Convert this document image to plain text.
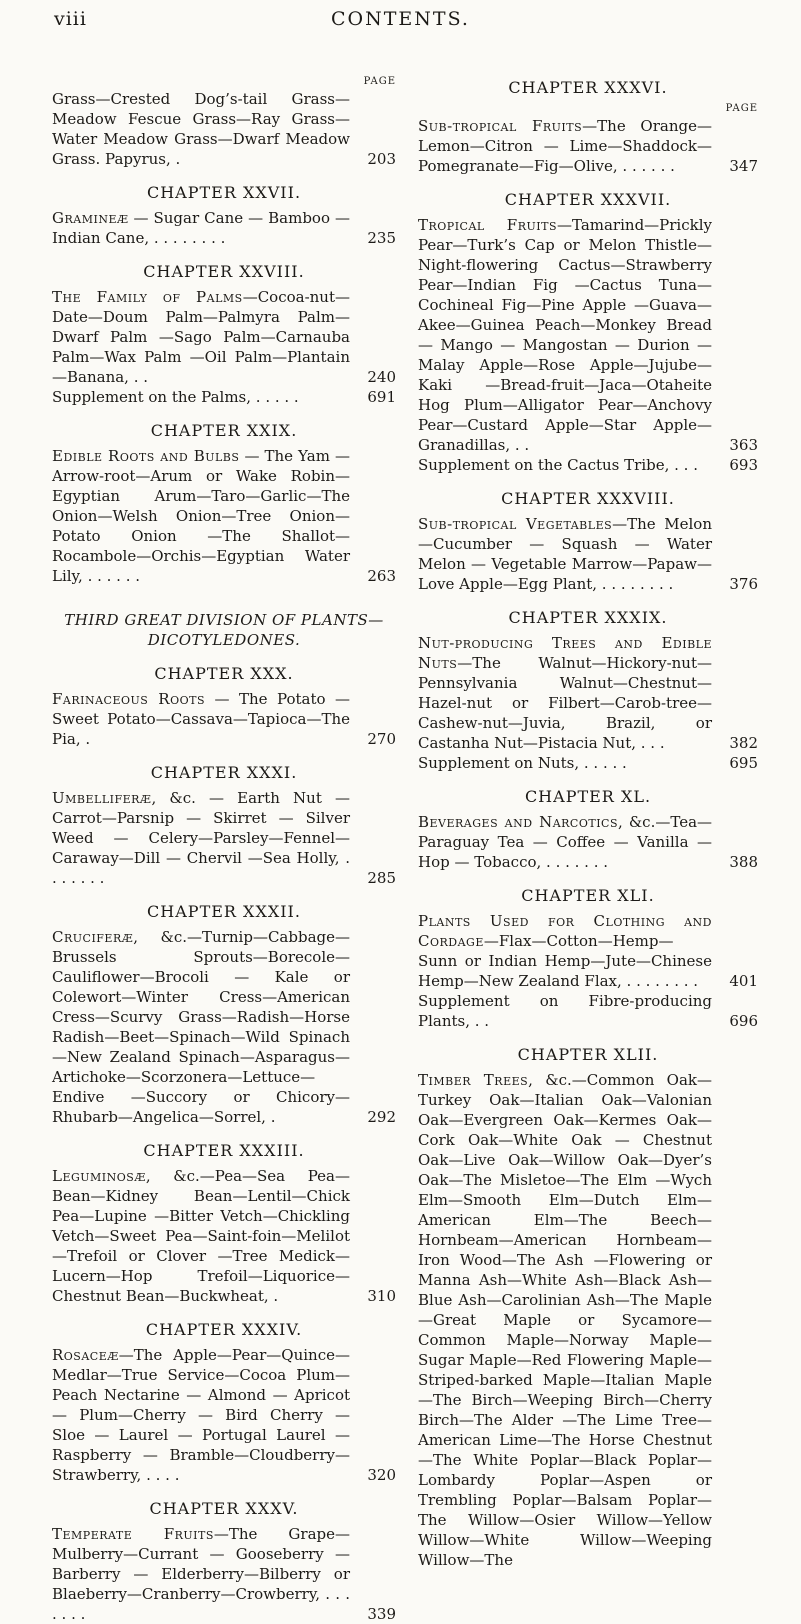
viii	CONTENTS.
PAGE

Grass—Crested Dog’s-tail Grass—Meadow Fescue Grass—Ray Grass—Water Meadow Grass—Dwarf Meadow Grass. Papyrus, .	203

CHAPTER XXVII.

Gramineæ — Sugar Cane — Bamboo — Indian Cane, . . . . . . . .	235

CHAPTER XXVIII.

The Family of Palms—Cocoa-nut—Date—Doum Palm—Palmyra Palm—Dwarf Palm —Sago Palm—Carnauba Palm—Wax Palm —Oil Palm—Plantain—Banana, . .	240

Supplement on the Palms, . . . . .	691

CHAPTER XXIX.

Edible Roots and Bulbs — The Yam — Arrow-root—Arum or Wake Robin—Egyptian Arum—Taro—Garlic—The Onion—Welsh Onion—Tree Onion—Potato Onion —The Shallot—Rocambole—Orchis—Egyptian Water Lily, . . . . . .	263

THIRD GREAT DIVISION OF PLANTS—
DICOTYLEDONES.
CHAPTER XXX.

Farinaceous Roots — The Potato — Sweet Potato—Cassava—Tapioca—The Pia, .	270

CHAPTER XXXI.

Umbelliferæ, &c. — Earth Nut — Carrot—Parsnip — Skirret — Silver Weed — Celery—Parsley—Fennel—Caraway—Dill — Chervil —Sea Holly, . . . . . . .	285

CHAPTER XXXII.

Cruciferæ, &c.—Turnip—Cabbage—Brussels Sprouts—Borecole—Cauliflower—Brocoli — Kale or Colewort—Winter Cress—American Cress—Scurvy Grass—Radish—Horse Radish—Beet—Spinach—Wild Spinach—New Zealand Spinach—Asparagus—Artichoke—Scorzonera—Lettuce—Endive —Succory or Chicory—Rhubarb—Angelica—Sorrel, .	292

CHAPTER XXXIII.

Leguminosæ, &c.—Pea—Sea Pea—Bean—Kidney Bean—Lentil—Chick Pea—Lupine —Bitter Vetch—Chickling Vetch—Sweet Pea—Saint-foin—Melilot—Trefoil or Clover —Tree Medick—Lucern—Hop Trefoil—Liquorice—Chestnut Bean—Buckwheat, .	310

CHAPTER XXXIV.

Rosaceæ—The Apple—Pear—Quince—Medlar—True Service—Cocoa Plum—Peach Nectarine — Almond — Apricot — Plum—Cherry — Bird Cherry — Sloe — Laurel — Portugal Laurel — Raspberry — Bramble—Cloudberry—Strawberry, . . . .	320

CHAPTER XXXV.

Temperate Fruits—The Grape—Mulberry—Currant — Gooseberry — Barberry — Elderberry—Bilberry or Blaeberry—Cranberry—Crowberry, . . . . . . .	339

CHAPTER XXXVI.
PAGE

Sub-tropical Fruits—The Orange—Lemon—Citron — Lime—Shaddock—Pomegranate—Fig—Olive, . . . . . .	347

CHAPTER XXXVII.

Tropical Fruits—Tamarind—Prickly Pear—Turk’s Cap or Melon Thistle—Night-flowering Cactus—Strawberry Pear—Indian Fig —Cactus Tuna—Cochineal Fig—Pine Apple —Guava—Akee—Guinea Peach—Monkey Bread — Mango — Mangostan — Durion — Malay Apple—Rose Apple—Jujube—Kaki —Bread-fruit—Jaca—Otaheite Hog Plum—Alligator Pear—Anchovy Pear—Custard Apple—Star Apple—Granadillas, . .	363

Supplement on the Cactus Tribe, . . .	693

CHAPTER XXXVIII.

Sub-tropical Vegetables—The Melon—Cucumber — Squash — Water Melon — Vegetable Marrow—Papaw—Love Apple—Egg Plant, . . . . . . . .	376

CHAPTER XXXIX.

Nut-producing Trees and Edible Nuts—The Walnut—Hickory-nut—Pennsylvania Walnut—Chestnut—Hazel-nut or Filbert—Carob-tree—Cashew-nut—Juvia, Brazil, or Castanha Nut—Pistacia Nut, . . .	382

Supplement on Nuts, . . . . .	695

CHAPTER XL.

Beverages and Narcotics, &c.—Tea—Paraguay Tea — Coffee — Vanilla — Hop — Tobacco, . . . . . . .	388

CHAPTER XLI.

Plants Used for Clothing and Cordage—Flax—Cotton—Hemp—Sunn or Indian Hemp—Jute—Chinese Hemp—New Zealand Flax, . . . . . . . .	401

Supplement on Fibre-producing Plants, . .	696

CHAPTER XLII.

Timber Trees, &c.—Common Oak—Turkey Oak—Italian Oak—Valonian Oak—Evergreen Oak—Kermes Oak—Cork Oak—White Oak — Chestnut Oak—Live Oak—Willow Oak—Dyer’s Oak—The Misletoe—The Elm —Wych Elm—Smooth Elm—Dutch Elm—American Elm—The Beech—Hornbeam—American Hornbeam—Iron Wood—The Ash —Flowering or Manna Ash—White Ash—Black Ash—Blue Ash—Carolinian Ash—The Maple—Great Maple or Sycamore—Common Maple—Norway Maple—Sugar Maple—Red Flowering Maple—Striped-barked Maple—Italian Maple—The Birch—Weeping Birch—Cherry Birch—The Alder —The Lime Tree—American Lime—The Horse Chestnut—The White Poplar—Black Poplar—Lombardy Poplar—Aspen or Trembling Poplar—Balsam Poplar—The Willow—Osier Willow—Yellow Willow—White Willow—Weeping Willow—The
